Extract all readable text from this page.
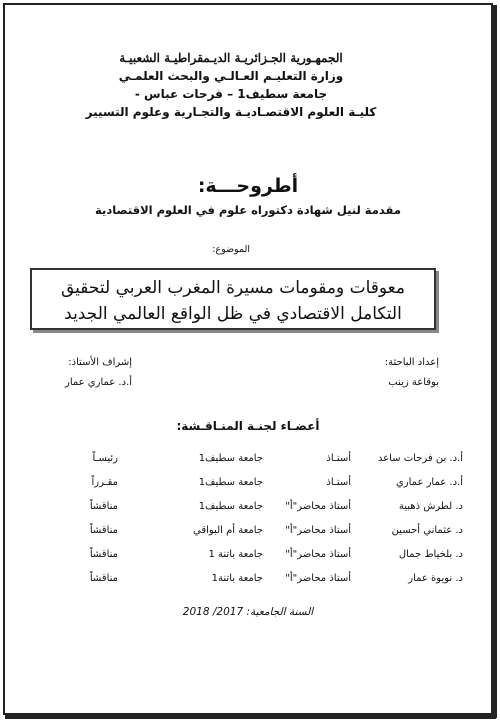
الجمهـورية الجـزائريـة الديـمقراطيـة الشعبيـة
وزارة التعليـم العـالـي والبحث العلمـي
جامعة سطيف1 – فرحات عباس -
كليـة العلوم الاقتصـاديـة والتجـارية وعلوم التسيير
أطروحـــة:
مقدمة لنيل شهادة دكتوراه علوم في العلوم الاقتصادية
الموضوع:
معوقات ومقومات مسيرة المغرب العربي لتحقيق
التكامل الاقتصادي في ظل الواقع العالمي الجديد
إعداد الباحثة:
بوقاعة زينب
إشراف الأستاذ:
أ.د. عماري عمار
أعضـاء لجنـة المنـاقـشة:
أ.د. بن فرحات ساعد
أستـاذ
جامعة سطيف1
رئيسـاً
أ.د. عمار عماري
أستـاذ
جامعة سطيف1
مقـرراً
د. لطرش ذهبية
أستاذ محاضر"أ"
جامعة سطيف1
مناقشاً
د. عثماني أحسين
أستاذ محاضر"أ"
جامعة أم البواقي
مناقشاً
د. بلخياط جمال
أستاذ محاضر"أ"
جامعة باتنة 1
مناقشاً
د. نويوة عمار
أستاذ محاضر"أ"
جامعة باتنة1
مناقشاً
السنة الجامعية: 2017/ 2018
